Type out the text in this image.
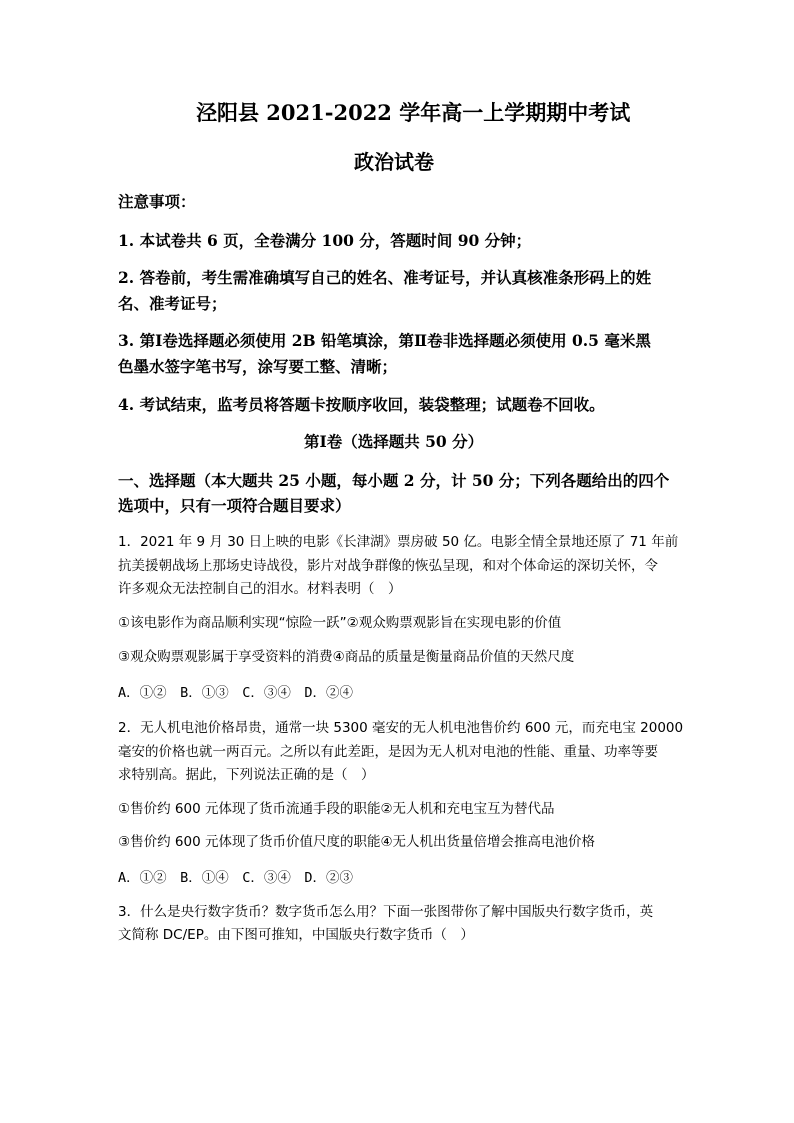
泾阳县 2021-2022 学年高一上学期期中考试
政治试卷
注意事项：
1. 本试卷共 6 页，全卷满分 100 分，答题时间 90 分钟；
2. 答卷前，考生需准确填写自己的姓名、准考证号，并认真核准条形码上的姓
名、准考证号；
3. 第Ⅰ卷选择题必须使用 2B 铅笔填涂，第Ⅱ卷非选择题必须使用 0.5 毫米黑
色墨水签字笔书写，涂写要工整、清晰；
4. 考试结束，监考员将答题卡按顺序收回，装袋整理；试题卷不回收。
第Ⅰ卷（选择题共 50 分）
一、选择题（本大题共 25 小题，每小题 2 分，计 50 分；下列各题给出的四个
选项中，只有一项符合题目要求）
1．2021 年 9 月 30 日上映的电影《长津湖》票房破 50 亿。电影全情全景地还原了 71 年前
抗美援朝战场上那场史诗战役，影片对战争群像的恢弘呈现，和对个体命运的深切关怀，令
许多观众无法控制自己的泪水。材料表明（　）
①该电影作为商品顺利实现“惊险一跃”②观众购票观影旨在实现电影的价值
③观众购票观影属于享受资料的消费④商品的质量是衡量商品价值的天然尺度
A．①②　B．①③　C．③④　D．②④
2．无人机电池价格昂贵，通常一块 5300 毫安的无人机电池售价约 600 元，而充电宝 20000
毫安的价格也就一两百元。之所以有此差距，是因为无人机对电池的性能、重量、功率等要
求特别高。据此，下列说法正确的是（　）
①售价约 600 元体现了货币流通手段的职能②无人机和充电宝互为替代品
③售价约 600 元体现了货币价值尺度的职能④无人机出货量倍增会推高电池价格
A．①②　B．①④　C．③④　D．②③
3．什么是央行数字货币？数字货币怎么用？下面一张图带你了解中国版央行数字货币，英
文简称 DC/EP。由下图可推知，中国版央行数字货币（　）
